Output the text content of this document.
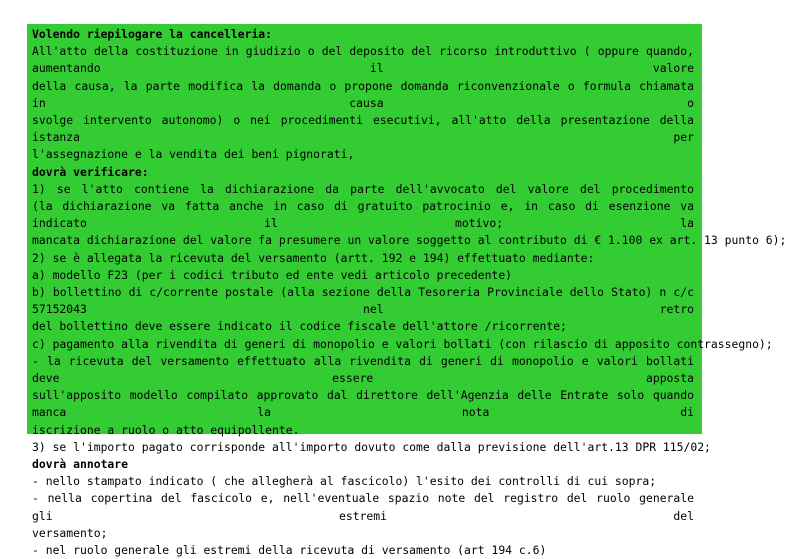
Volendo riepilogare la cancelleria:
All'atto della costituzione in giudizio o del deposito del ricorso introduttivo ( oppure quando, aumentando il valore
della causa, la parte modifica la domanda o propone domanda riconvenzionale o formula chiamata in causa o
svolge intervento autonomo) o nei procedimenti esecutivi, all'atto della presentazione della istanza per
l'assegnazione e la vendita dei beni pignorati,
dovrà verificare:
1) se l'atto contiene la dichiarazione da parte dell'avvocato del valore del procedimento
(la dichiarazione va fatta anche in caso di gratuito patrocinio e, in caso di esenzione va indicato il motivo; la
mancata dichiarazione del valore fa presumere un valore soggetto al contributo di € 1.100 ex art. 13 punto 6);
2) se è allegata la ricevuta del versamento (artt. 192 e 194) effettuato mediante:
a) modello F23 (per i codici tributo ed ente vedi articolo precedente)
b) bollettino di c/corrente postale (alla sezione della Tesoreria Provinciale dello Stato) n c/c 57152043 nel retro
del bollettino deve essere indicato il codice fiscale dell'attore /ricorrente;
c) pagamento alla rivendita di generi di monopolio e valori bollati (con rilascio di apposito contrassegno);
- la ricevuta del versamento effettuato alla rivendita di generi di monopolio e valori bollati deve essere apposta
sull'apposito modello compilato approvato dal direttore dell'Agenzia delle Entrate solo quando manca la nota di
iscrizione a ruolo o atto equipollente.
3) se l'importo pagato corrisponde all'importo dovuto come dalla previsione dell'art.13 DPR 115/02;
dovrà annotare
- nello stampato indicato ( che allegherà al fascicolo) l'esito dei controlli di cui sopra;
- nella copertina del fascicolo e, nell'eventuale spazio note del registro del ruolo generale gli estremi del
versamento;
- nel ruolo generale gli estremi della ricevuta di versamento (art 194 c.6)
